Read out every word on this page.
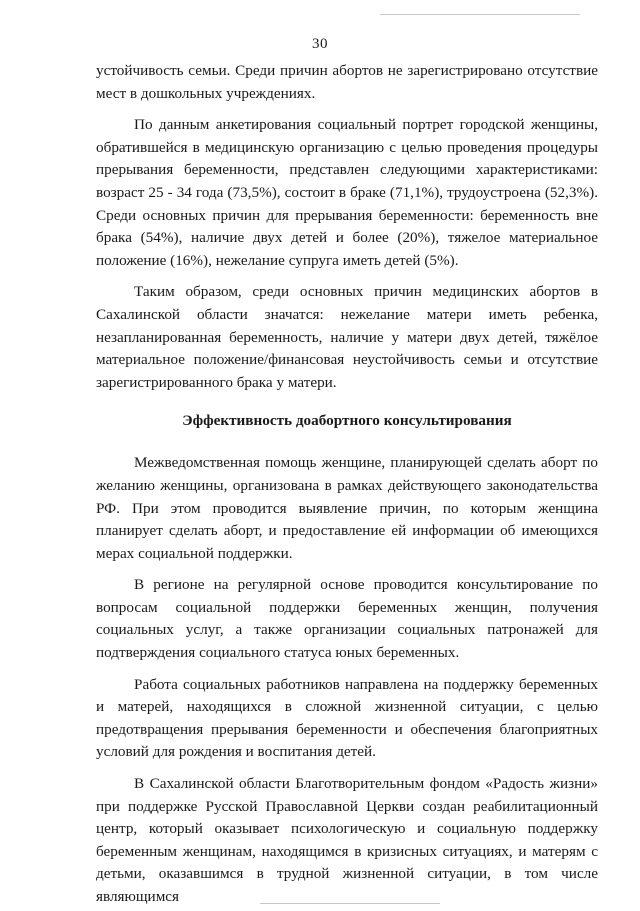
30

устойчивость семьи. Среди причин абортов не зарегистрировано отсутствие мест в дошкольных учреждениях.

По данным анкетирования социальный портрет городской женщины, обратившейся в медицинскую организацию с целью проведения процедуры прерывания беременности, представлен следующими характеристиками: возраст 25 - 34 года (73,5%), состоит в браке (71,1%), трудоустроена (52,3%). Среди основных причин для прерывания беременности: беременность вне брака (54%), наличие двух детей и более (20%), тяжелое материальное положение (16%), нежелание супруга иметь детей (5%).

Таким образом, среди основных причин медицинских абортов в Сахалинской области значатся: нежелание матери иметь ребенка, незапланированная беременность, наличие у матери двух детей, тяжёлое материальное положение/финансовая неустойчивость семьи и отсутствие зарегистрированного брака у матери.

Эффективность доабортного консультирования

Межведомственная помощь женщине, планирующей сделать аборт по желанию женщины, организована в рамках действующего законодательства РФ. При этом проводится выявление причин, по которым женщина планирует сделать аборт, и предоставление ей информации об имеющихся мерах социальной поддержки.

В регионе на регулярной основе проводится консультирование по вопросам социальной поддержки беременных женщин, получения социальных услуг, а также организации социальных патронажей для подтверждения социального статуса юных беременных.

Работа социальных работников направлена на поддержку беременных и матерей, находящихся в сложной жизненной ситуации, с целью предотвращения прерывания беременности и обеспечения благоприятных условий для рождения и воспитания детей.

В Сахалинской области Благотворительным фондом «Радость жизни» при поддержке Русской Православной Церкви создан реабилитационный центр, который оказывает психологическую и социальную поддержку беременным женщинам, находящимся в кризисных ситуациях, и матерям с детьми, оказавшимся в трудной жизненной ситуации, в том числе являющимся
